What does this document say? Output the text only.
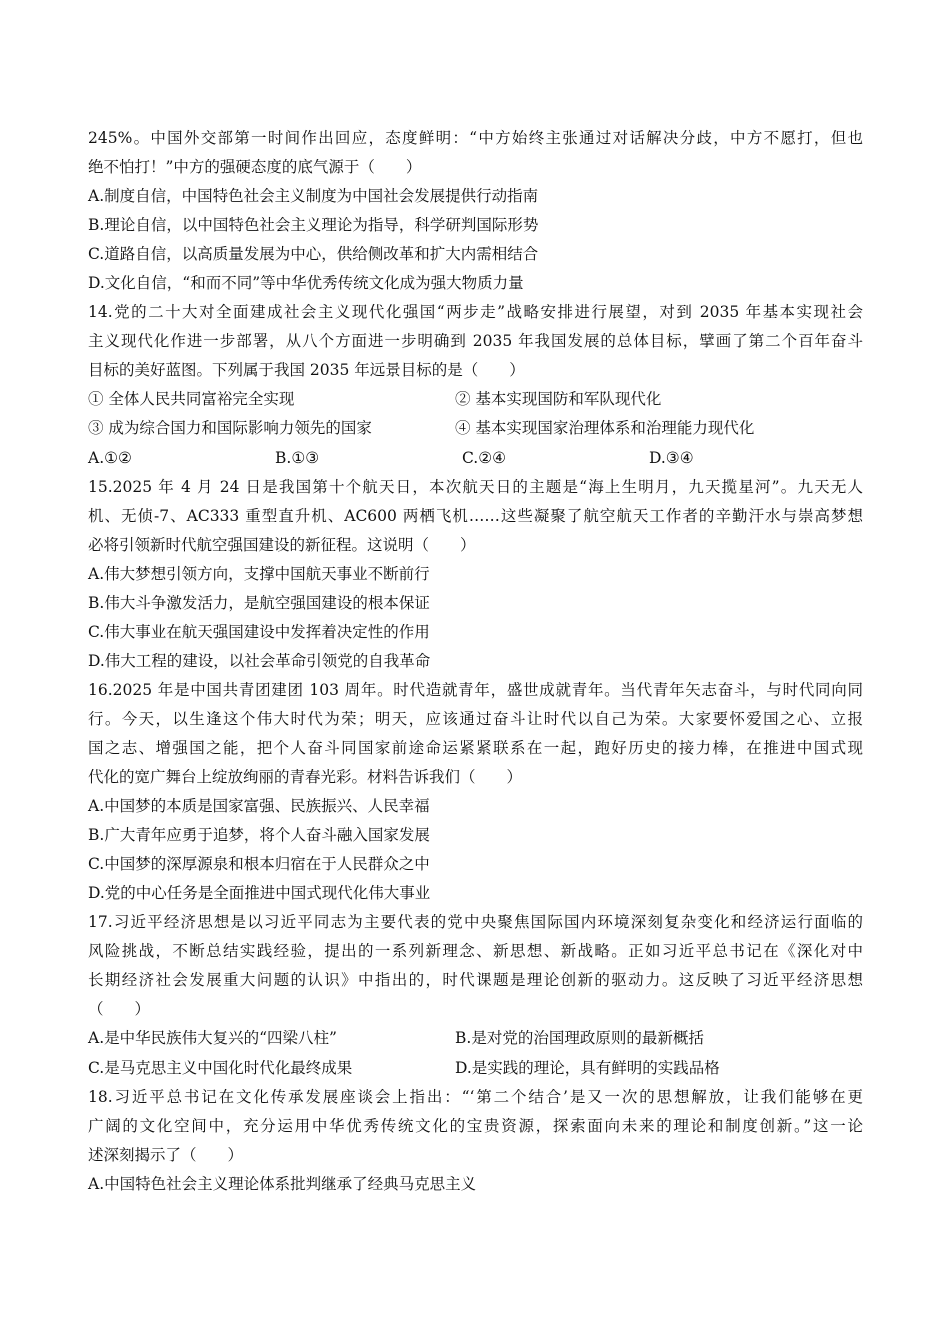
245%。中国外交部第一时间作出回应，态度鲜明：“中方始终主张通过对话解决分歧，中方不愿打，但也
绝不怕打！”中方的强硬态度的底气源于（　　）
A.制度自信，中国特色社会主义制度为中国社会发展提供行动指南
B.理论自信，以中国特色社会主义理论为指导，科学研判国际形势
C.道路自信，以高质量发展为中心，供给侧改革和扩大内需相结合
D.文化自信，“和而不同”等中华优秀传统文化成为强大物质力量
14.党的二十大对全面建成社会主义现代化强国“两步走”战略安排进行展望，对到 2035 年基本实现社会
主义现代化作进一步部署，从八个方面进一步明确到 2035 年我国发展的总体目标，擘画了第二个百年奋斗
目标的美好蓝图。下列属于我国 2035 年远景目标的是（　　）
① 全体人民共同富裕完全实现	② 基本实现国防和军队现代化
③ 成为综合国力和国际影响力领先的国家	④ 基本实现国家治理体系和治理能力现代化
A.①②	B.①③	C.②④	D.③④
15.2025 年 4 月 24 日是我国第十个航天日，本次航天日的主题是“海上生明月，九天揽星河”。九天无人
机、无侦-7、AC333 重型直升机、AC600 两栖飞机……这些凝聚了航空航天工作者的辛勤汗水与崇高梦想
必将引领新时代航空强国建设的新征程。这说明（　　）
A.伟大梦想引领方向，支撑中国航天事业不断前行
B.伟大斗争激发活力，是航空强国建设的根本保证
C.伟大事业在航天强国建设中发挥着决定性的作用
D.伟大工程的建设，以社会革命引领党的自我革命
16.2025 年是中国共青团建团 103 周年。时代造就青年，盛世成就青年。当代青年矢志奋斗，与时代同向同
行。今天，以生逢这个伟大时代为荣；明天，应该通过奋斗让时代以自己为荣。大家要怀爱国之心、立报
国之志、增强国之能，把个人奋斗同国家前途命运紧紧联系在一起，跑好历史的接力棒，在推进中国式现
代化的宽广舞台上绽放绚丽的青春光彩。材料告诉我们（　　）
A.中国梦的本质是国家富强、民族振兴、人民幸福
B.广大青年应勇于追梦，将个人奋斗融入国家发展
C.中国梦的深厚源泉和根本归宿在于人民群众之中
D.党的中心任务是全面推进中国式现代化伟大事业
17.习近平经济思想是以习近平同志为主要代表的党中央聚焦国际国内环境深刻复杂变化和经济运行面临的
风险挑战，不断总结实践经验，提出的一系列新理念、新思想、新战略。正如习近平总书记在《深化对中
长期经济社会发展重大问题的认识》中指出的，时代课题是理论创新的驱动力。这反映了习近平经济思想
（　　）
A.是中华民族伟大复兴的“四梁八柱”	B.是对党的治国理政原则的最新概括
C.是马克思主义中国化时代化最终成果	D.是实践的理论，具有鲜明的实践品格
18.习近平总书记在文化传承发展座谈会上指出：“‘第二个结合’是又一次的思想解放，让我们能够在更
广阔的文化空间中，充分运用中华优秀传统文化的宝贵资源，探索面向未来的理论和制度创新。”这一论
述深刻揭示了（　　）
A.中国特色社会主义理论体系批判继承了经典马克思主义
